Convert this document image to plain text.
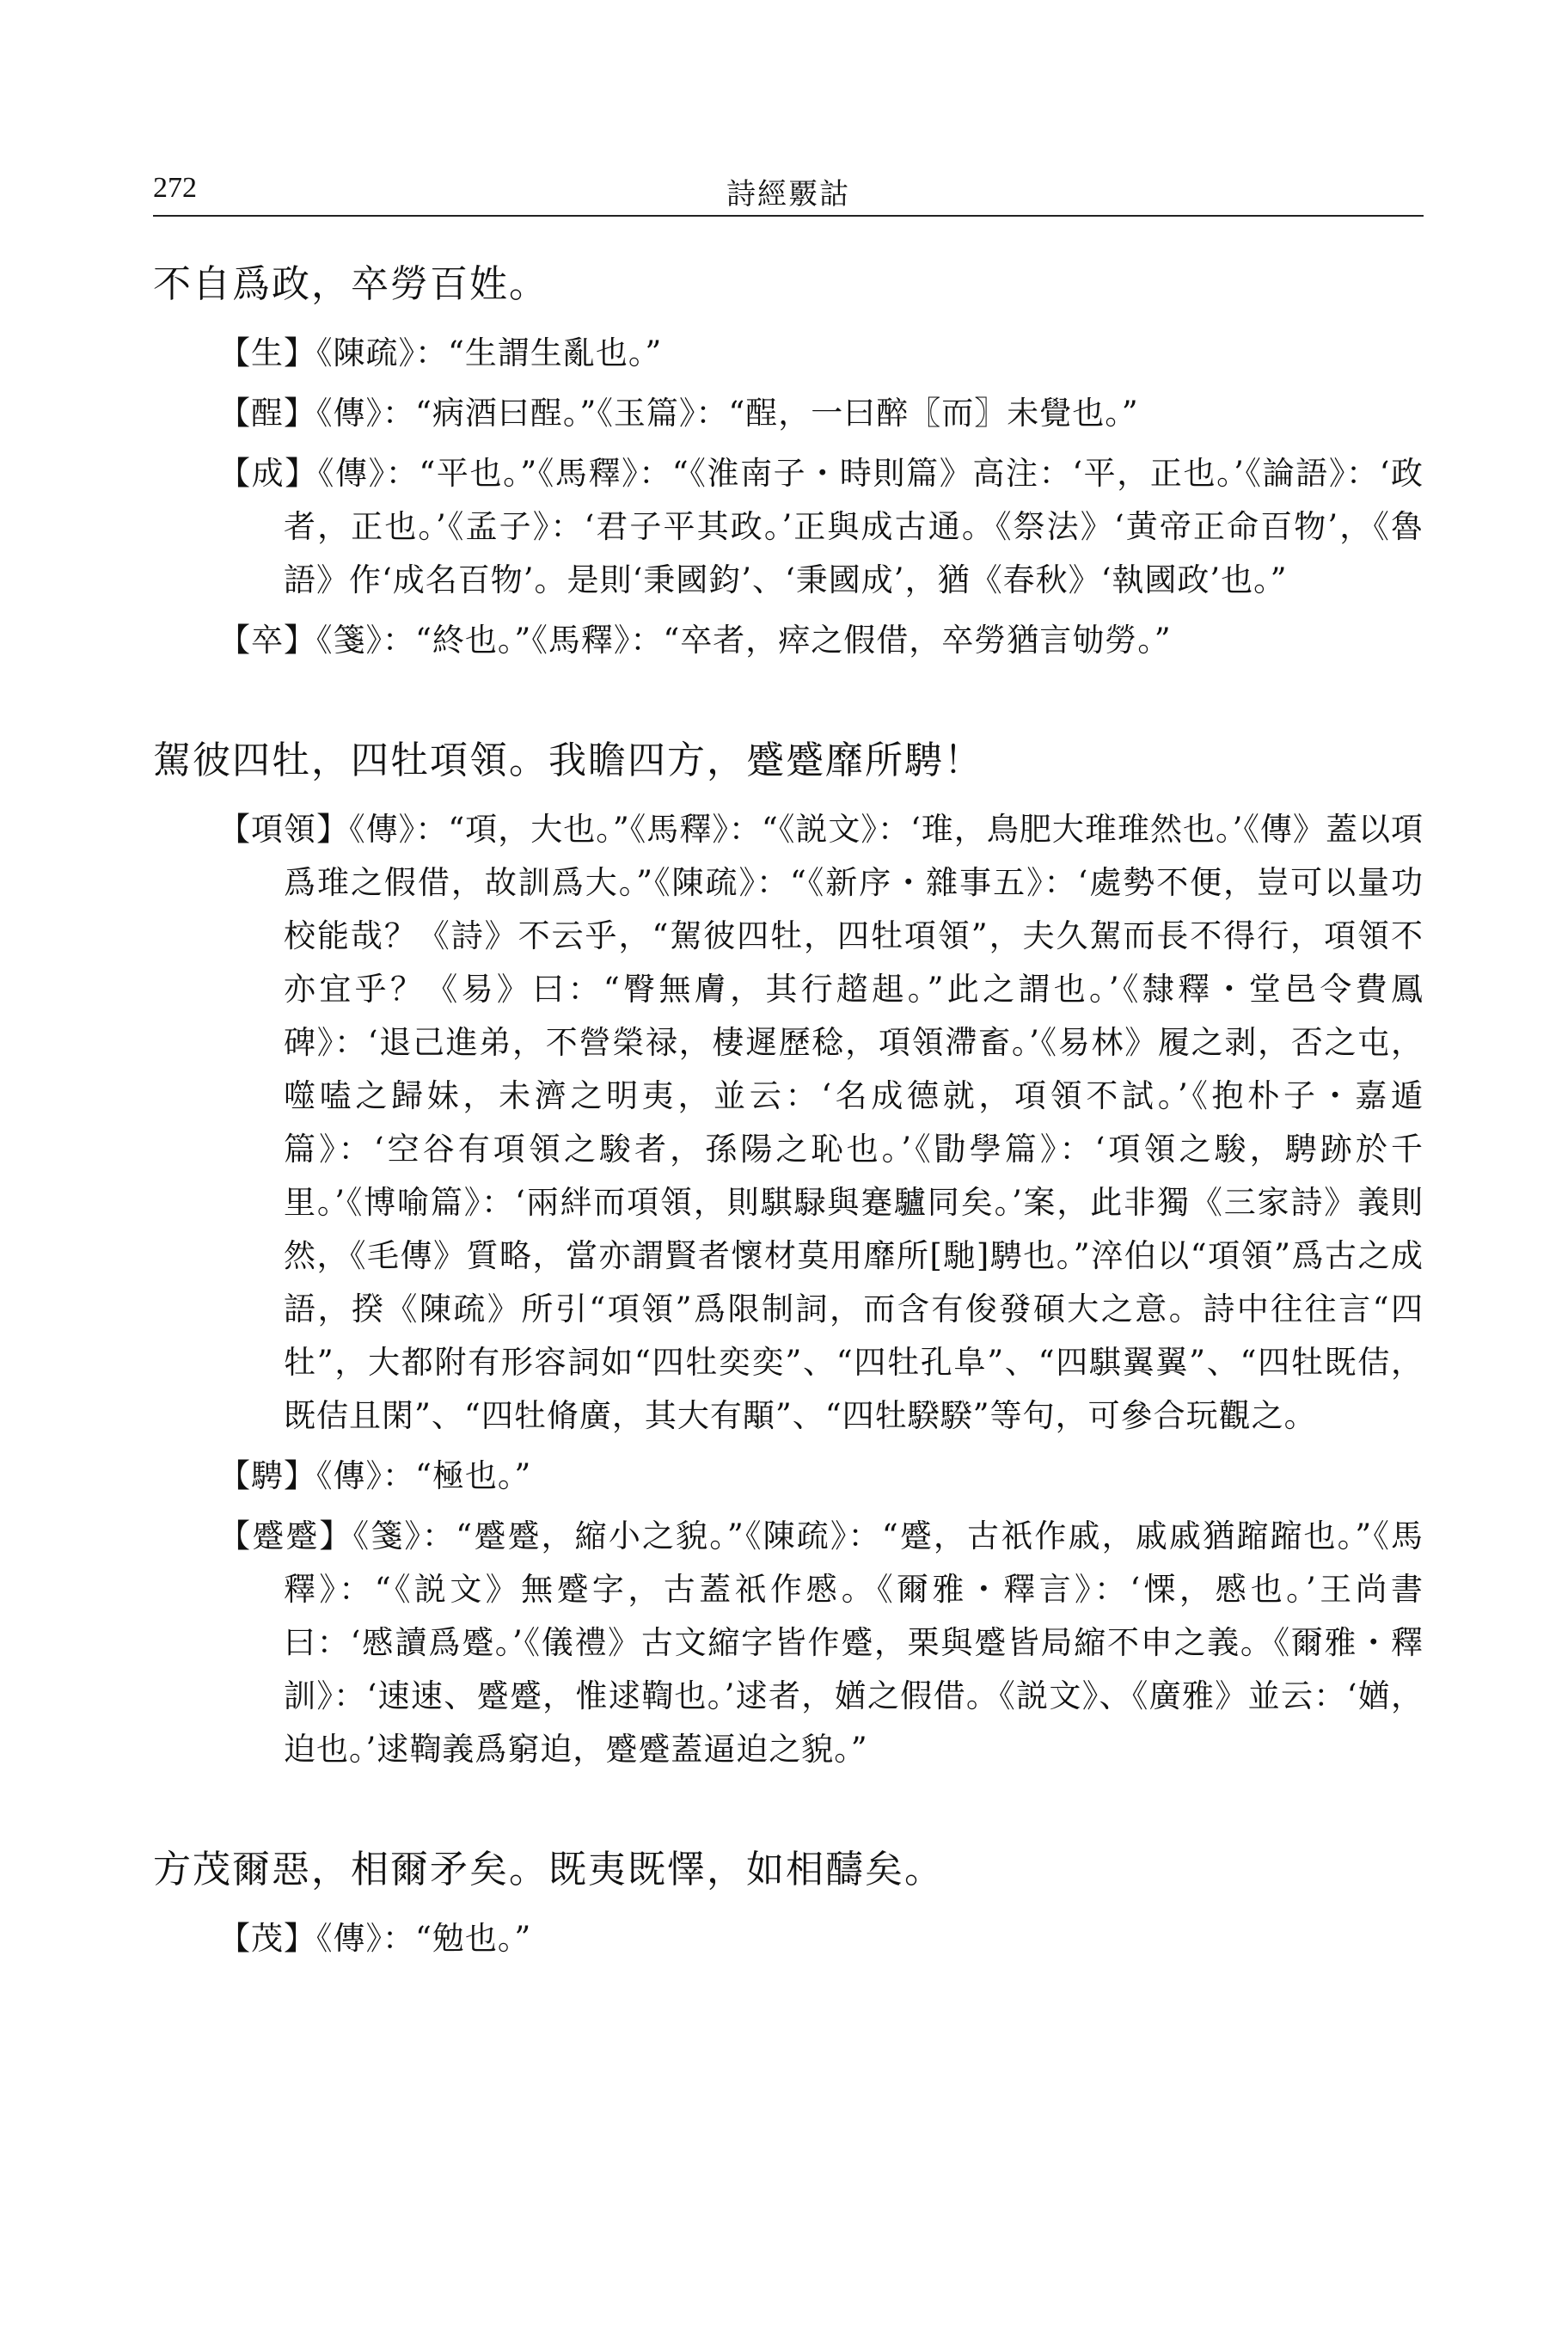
272	詩經覈詁

不自爲政，卒勞百姓。

【生】《陳疏》：“生謂生亂也。”

【酲】《傳》：“病酒曰酲。”《玉篇》：“酲，一曰醉〖而〗未覺也。”

【成】《傳》：“平也。”《馬釋》：“《淮南子・時則篇》高注：‘平，正也。’《論語》：‘政者，正也。’《孟子》：‘君子平其政。’正與成古通。《祭法》‘黄帝正命百物’，《魯語》作‘成名百物’。是則‘秉國鈞’、‘秉國成’，猶《春秋》‘執國政’也。”

【卒】《箋》：“終也。”《馬釋》：“卒者，瘁之假借，卒勞猶言劬勞。”

駕彼四牡，四牡項領。我瞻四方，蹙蹙靡所騁！

【項領】《傳》：“項，大也。”《馬釋》：“《説文》：‘琟，鳥肥大琟琟然也。’《傳》蓋以項爲琟之假借，故訓爲大。”《陳疏》：“《新序・雜事五》：‘處勢不便，豈可以量功校能哉？《詩》不云乎，“駕彼四牡，四牡項領”，夫久駕而長不得行，項領不亦宜乎？《易》曰：“臀無膚，其行趦趄。”此之謂也。’《隸釋・堂邑令費鳳碑》：‘退己進弟，不營榮禄，棲遲歷稔，項領滯畜。’《易林》履之剥，否之屯，噬嗑之歸妹，未濟之明夷，並云：‘名成德就，項領不試。’《抱朴子・嘉遁篇》：‘空谷有項領之駿者，孫陽之恥也。’《勖學篇》：‘項領之駿，騁跡於千里。’《博喻篇》：‘兩絆而項領，則騏騄與蹇驢同矣。’案，此非獨《三家詩》義則然，《毛傳》質略，當亦謂賢者懷材莫用靡所[馳]騁也。”淬伯以“項領”爲古之成語，揆《陳疏》所引“項領”爲限制詞，而含有俊發碩大之意。詩中往往言“四牡”，大都附有形容詞如“四牡奕奕”、“四牡孔阜”、“四騏翼翼”、“四牡既佶，既佶且閑”、“四牡脩廣，其大有顒”、“四牡騤騤”等句，可參合玩觀之。

【騁】《傳》：“極也。”

【蹙蹙】《箋》：“蹙蹙，縮小之貌。”《陳疏》：“蹙，古祇作戚，戚戚猶蹜蹜也。”《馬釋》：“《説文》無蹙字，古蓋祇作慼。《爾雅・釋言》：‘慄，慼也。’王尚書曰：‘慼讀爲蹙。’《儀禮》古文縮字皆作蹙，栗與蹙皆局縮不申之義。《爾雅・釋訓》：‘速速、蹙蹙，惟逑鞫也。’逑者，媨之假借。《説文》、《廣雅》並云：‘媨，迫也。’逑鞫義爲窮迫，蹙蹙蓋逼迫之貌。”

方茂爾惡，相爾矛矣。既夷既懌，如相醻矣。

【茂】《傳》：“勉也。”
